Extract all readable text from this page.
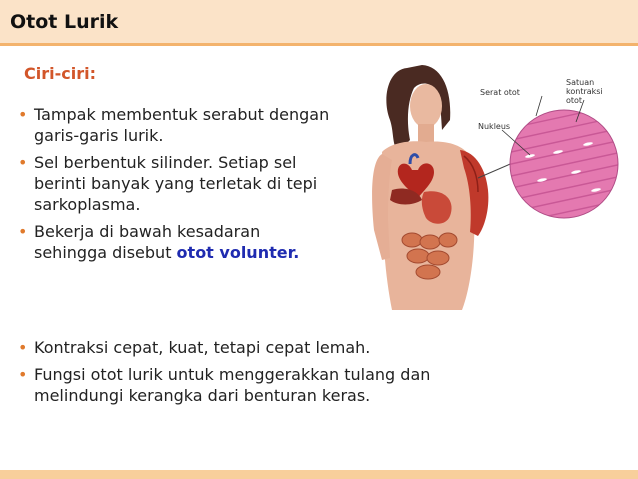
Otot Lurik
Ciri-ciri:
• Tampak membentuk serabut dengan garis-garis lurik.
• Sel berbentuk silinder. Setiap sel berinti banyak yang terletak di tepi sarkoplasma.
• Bekerja di bawah kesadaran sehingga disebut otot volunter.
• Kontraksi cepat, kuat, tetapi cepat lemah.
• Fungsi otot lurik untuk menggerakkan tulang dan melindungi kerangka dari benturan keras.
Serat otot
Satuan kontraksi otot
Nukleus
